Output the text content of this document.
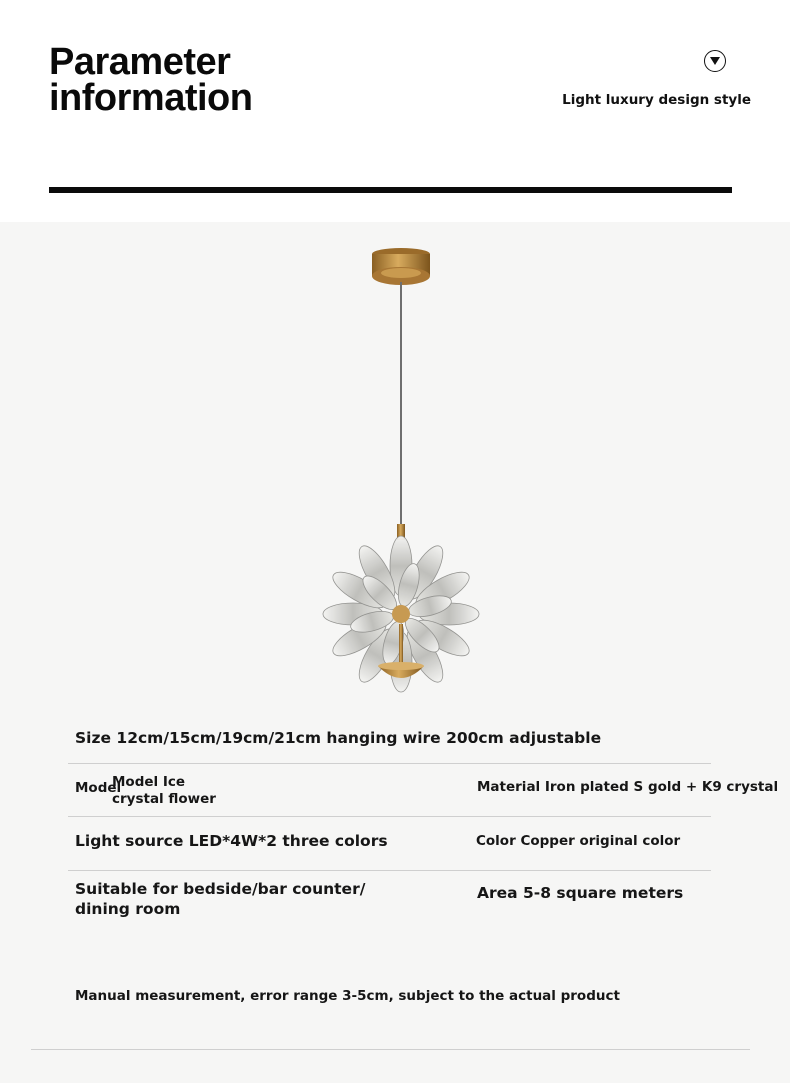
Parameter
information	Light luxury design style
Size 12cm/15cm/19cm/21cm hanging wire 200cm adjustable
Model
Model Ice
crystal flower
Material Iron plated S gold + K9 crystal
Light source LED*4W*2 three colors	Color Copper original color
Suitable for bedside/bar counter/
dining room
Area 5-8 square meters
Manual measurement, error range 3-5cm, subject to the actual product
